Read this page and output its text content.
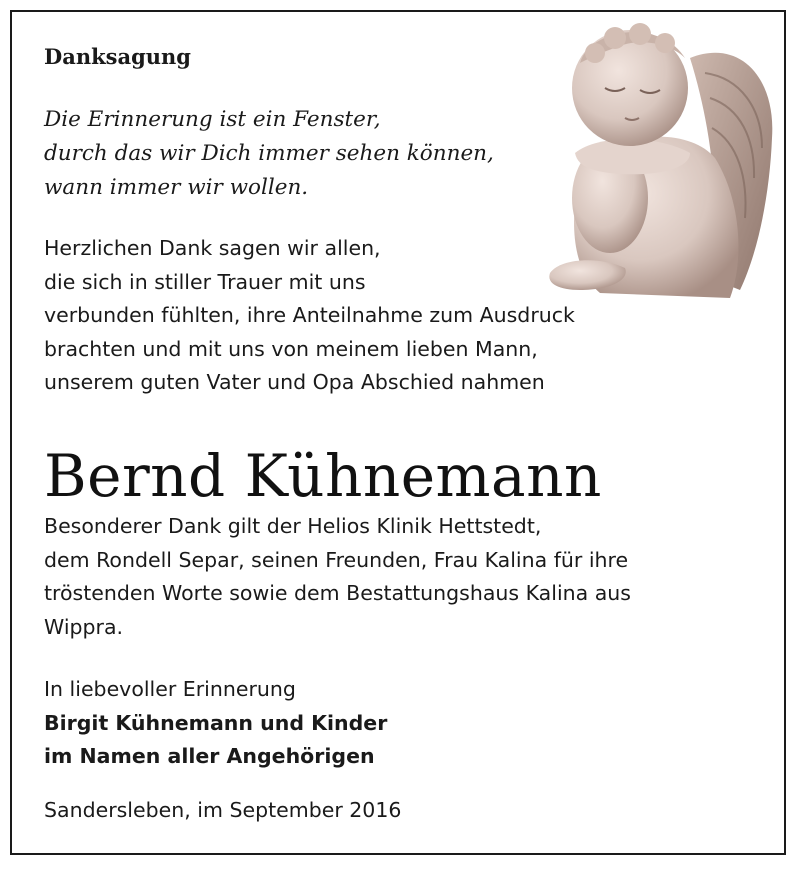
Danksagung
Die Erinnerung ist ein Fenster,
durch das wir Dich immer sehen können,
wann immer wir wollen.
Herzlichen Dank sagen wir allen,
die sich in stiller Trauer mit uns
verbunden fühlten, ihre Anteilnahme zum Ausdruck
brachten und mit uns von meinem lieben Mann,
unserem guten Vater und Opa Abschied nahmen
Bernd Kühnemann
Besonderer Dank gilt der Helios Klinik Hettstedt,
dem Rondell Separ, seinen Freunden, Frau Kalina für ihre
tröstenden Worte sowie dem Bestattungshaus Kalina aus
Wippra.
In liebevoller Erinnerung
Birgit Kühnemann und Kinder
im Namen aller Angehörigen
Sandersleben, im September 2016
